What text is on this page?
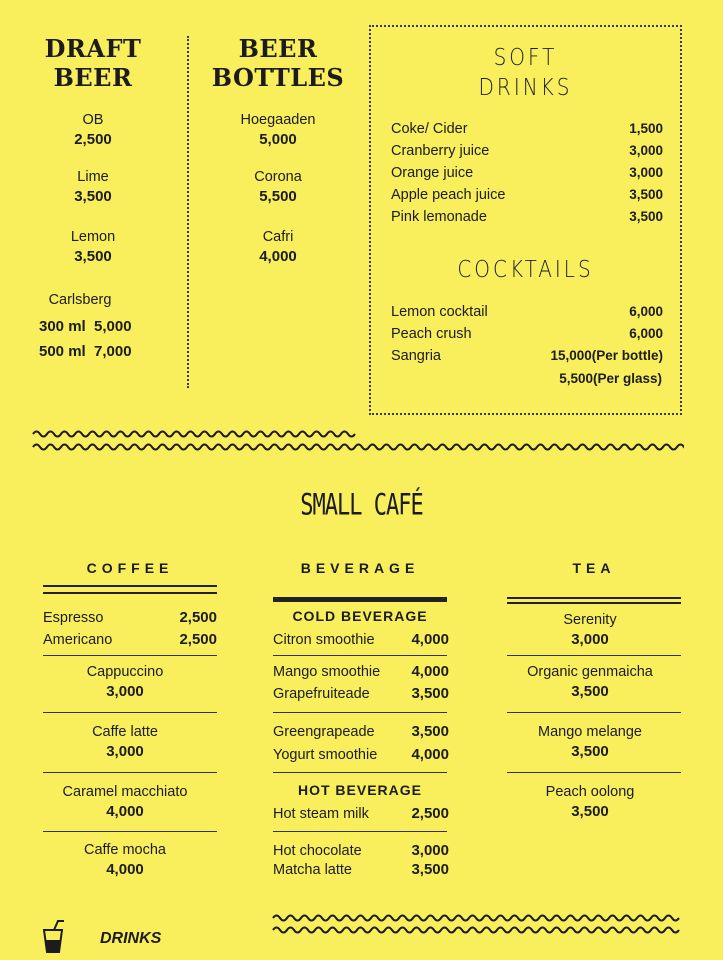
DRAFT
BEER
OB
2,500
Lime
3,500
Lemon
3,500
Carlsberg
300 ml 5,000
500 ml 7,000
BEER
BOTTLES
Hoegaaden
5,000
Corona
5,500
Cafri
4,000
SOFT
DRINKS
Coke/ Cider	1,500
Cranberry juice	3,000
Orange juice	3,000
Apple peach juice	3,500
Pink lemonade	3,500
COCKTAILS
Lemon cocktail	6,000
Peach crush	6,000
Sangria	15,000(Per bottle)
5,500(Per glass)
SMALL CAFÉ
COFFEE
Espresso	2,500
Americano	2,500
Cappuccino
3,000
Caffe latte
3,000
Caramel macchiato
4,000
Caffe mocha
4,000
BEVERAGE
COLD BEVERAGE
Citron smoothie 4,000
Mango smoothie 4,000
Grapefruiteade	3,500
Greengrapeade 3,500
Yogurt smoothie 4,000
HOT BEVERAGE
Hot steam milk	2,500
Hot chocolate	3,000
Matcha latte	3,500
TEA
Serenity
3,000
Organic genmaicha
3,500
Mango melange
3,500
Peach oolong
3,500
DRINKS
